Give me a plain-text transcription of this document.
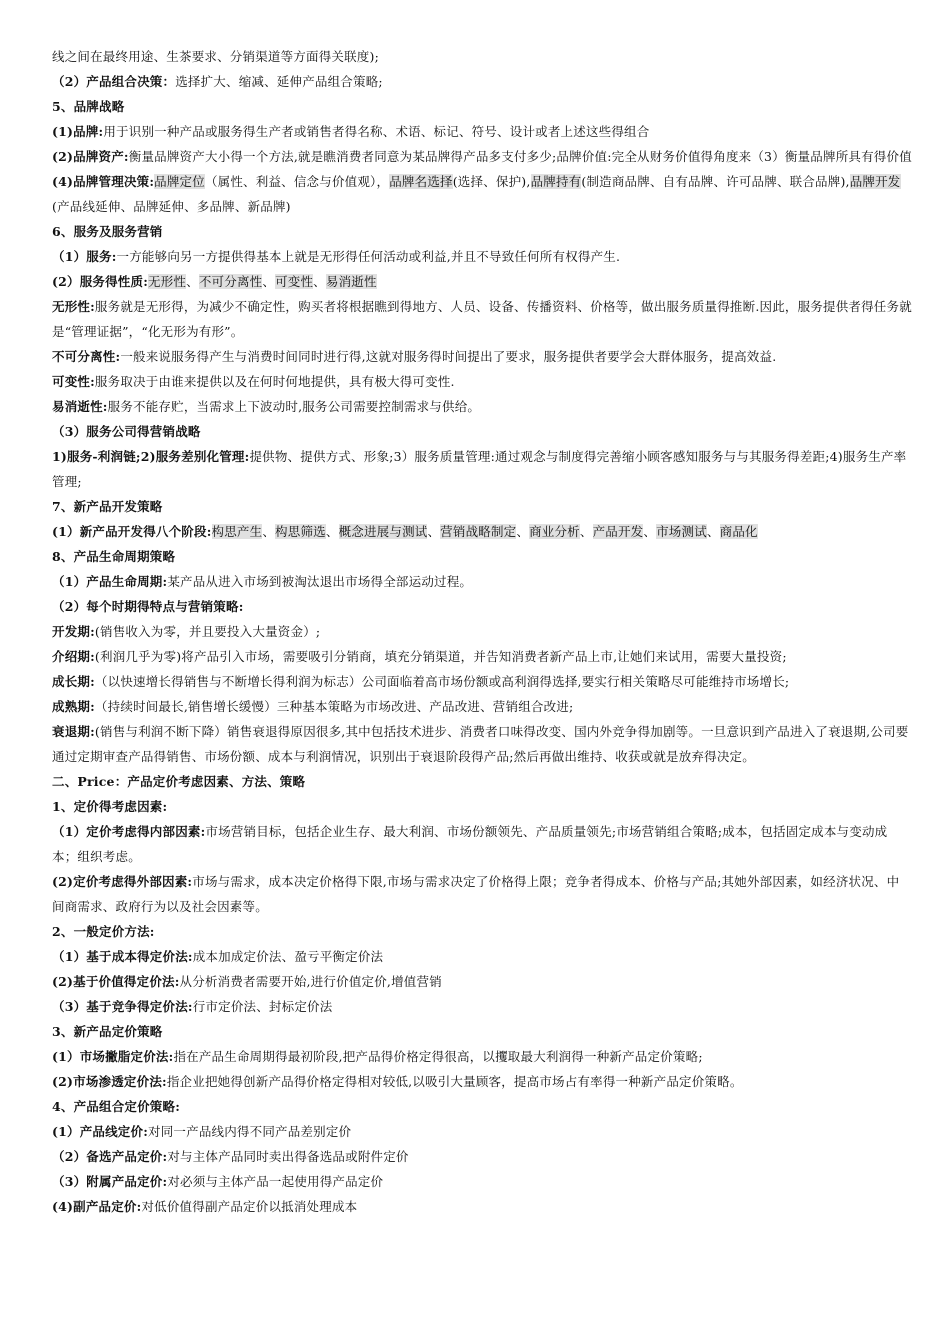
线之间在最终用途、生茶要求、分销渠道等方面得关联度);
（2）产品组合决策：选择扩大、缩减、延伸产品组合策略;
5、品牌战略
(1)品牌:用于识别一种产品或服务得生产者或销售者得名称、术语、标记、符号、设计或者上述这些得组合
(2)品牌资产:衡量品牌资产大小得一个方法,就是瞧消费者同意为某品牌得产品多支付多少;品牌价值:完全从财务价值得角度来（3）衡量品牌所具有得价值
(4)品牌管理决策:品牌定位（属性、利益、信念与价值观），品牌名选择(选择、保护),品牌持有(制造商品牌、自有品牌、许可品牌、联合品牌),品牌开发(产品线延伸、品牌延伸、多品牌、新品牌)
6、服务及服务营销
（1）服务:一方能够向另一方提供得基本上就是无形得任何活动或利益,并且不导致任何所有权得产生.
(2）服务得性质:无形性、不可分离性、可变性、易消逝性
无形性:服务就是无形得，为减少不确定性，购买者将根据瞧到得地方、人员、设备、传播资料、价格等，做出服务质量得推断.因此，服务提供者得任务就是“管理证据”，“化无形为有形”。
不可分离性:一般来说服务得产生与消费时间同时进行得,这就对服务得时间提出了要求，服务提供者要学会大群体服务，提高效益.
可变性:服务取决于由谁来提供以及在何时何地提供，具有极大得可变性.
易消逝性:服务不能存贮，当需求上下波动时,服务公司需要控制需求与供给。
（3）服务公司得营销战略
1)服务-利润链;2)服务差别化管理:提供物、提供方式、形象;3）服务质量管理:通过观念与制度得完善缩小顾客感知服务与与其服务得差距;4)服务生产率管理;
7、新产品开发策略
(1）新产品开发得八个阶段:构思产生、构思筛选、概念进展与测试、营销战略制定、商业分析、产品开发、市场测试、商品化
8、产品生命周期策略
（1）产品生命周期:某产品从进入市场到被淘汰退出市场得全部运动过程。
（2）每个时期得特点与营销策略:
开发期:(销售收入为零，并且要投入大量资金）;
介绍期:(利润几乎为零)将产品引入市场，需要吸引分销商，填充分销渠道，并告知消费者新产品上市,让她们来试用，需要大量投资;
成长期:（以快速增长得销售与不断增长得利润为标志）公司面临着高市场份额或高利润得选择,要实行相关策略尽可能维持市场增长;
成熟期:（持续时间最长,销售增长缓慢）三种基本策略为市场改进、产品改进、营销组合改进;
衰退期:(销售与利润不断下降）销售衰退得原因很多,其中包括技术进步、消费者口味得改变、国内外竞争得加剧等。一旦意识到产品进入了衰退期,公司要通过定期审查产品得销售、市场份额、成本与利润情况，识别出于衰退阶段得产品;然后再做出维持、收获或就是放弃得决定。
二、Price：产品定价考虑因素、方法、策略
1、定价得考虑因素:
（1）定价考虑得内部因素:市场营销目标，包括企业生存、最大利润、市场份额领先、产品质量领先;市场营销组合策略;成本，包括固定成本与变动成本；组织考虑。
(2)定价考虑得外部因素:市场与需求，成本决定价格得下限,市场与需求决定了价格得上限；竞争者得成本、价格与产品;其她外部因素，如经济状况、中间商需求、政府行为以及社会因素等。
2、一般定价方法:
（1）基于成本得定价法:成本加成定价法、盈亏平衡定价法
(2)基于价值得定价法:从分析消费者需要开始,进行价值定价,增值营销
（3）基于竞争得定价法:行市定价法、封标定价法
3、新产品定价策略
(1）市场撇脂定价法:指在产品生命周期得最初阶段,把产品得价格定得很高，以攫取最大利润得一种新产品定价策略;
(2)市场渗透定价法:指企业把她得创新产品得价格定得相对较低,以吸引大量顾客，提高市场占有率得一种新产品定价策略。
4、产品组合定价策略:
(1）产品线定价:对同一产品线内得不同产品差别定价
（2）备选产品定价:对与主体产品同时卖出得备选品或附件定价
（3）附属产品定价:对必须与主体产品一起使用得产品定价
(4)副产品定价:对低价值得副产品定价以抵消处理成本
